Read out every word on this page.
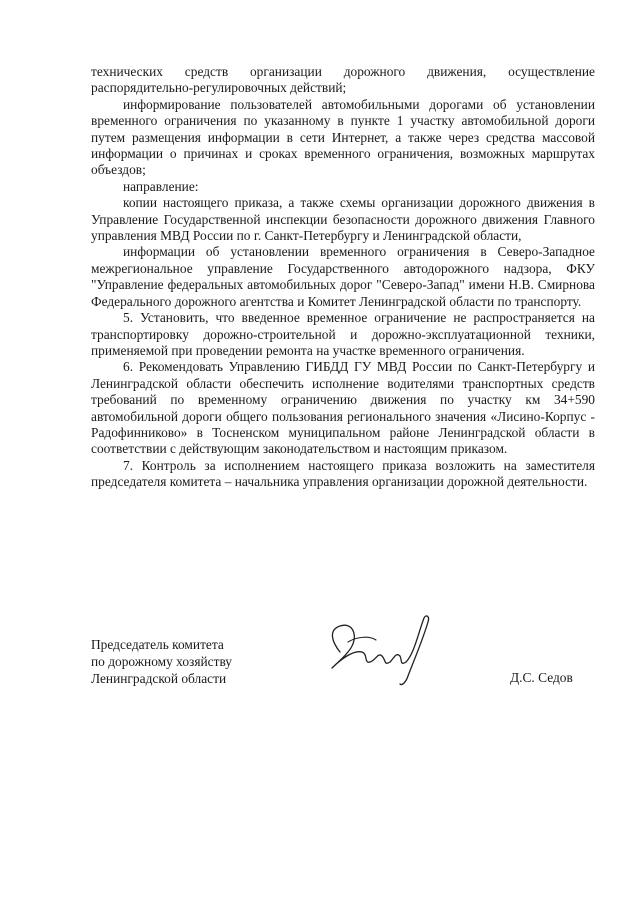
технических средств организации дорожного движения, осуществление распорядительно-регулировочных действий;

информирование пользователей автомобильными дорогами об установлении временного ограничения по указанному в пункте 1 участку автомобильной дороги путем размещения информации в сети Интернет, а также через средства массовой информации о причинах и сроках временного ограничения, возможных маршрутах объездов;

направление:

копии настоящего приказа, а также схемы организации дорожного движения в Управление Государственной инспекции безопасности дорожного движения Главного управления МВД России по г. Санкт-Петербургу и Ленинградской области,

информации об установлении временного ограничения в Северо-Западное межрегиональное управление Государственного автодорожного надзора, ФКУ "Управление федеральных автомобильных дорог "Северо-Запад" имени Н.В. Смирнова Федерального дорожного агентства и Комитет Ленинградской области по транспорту.

5. Установить, что введенное временное ограничение не распространяется на транспортировку дорожно-строительной и дорожно-эксплуатационной техники, применяемой при проведении ремонта на участке временного ограничения.

6. Рекомендовать Управлению ГИБДД ГУ МВД России по Санкт-Петербургу и Ленинградской области обеспечить исполнение водителями транспортных средств требований по временному ограничению движения по участку км 34+590 автомобильной дороги общего пользования регионального значения «Лисино-Корпус - Радофинниково» в Тосненском муниципальном районе Ленинградской области в соответствии с действующим законодательством и настоящим приказом.

7. Контроль за исполнением настоящего приказа возложить на заместителя председателя комитета – начальника управления организации дорожной деятельности.

Председатель комитета
по дорожному хозяйству
Ленинградской области	Д.С. Седов
